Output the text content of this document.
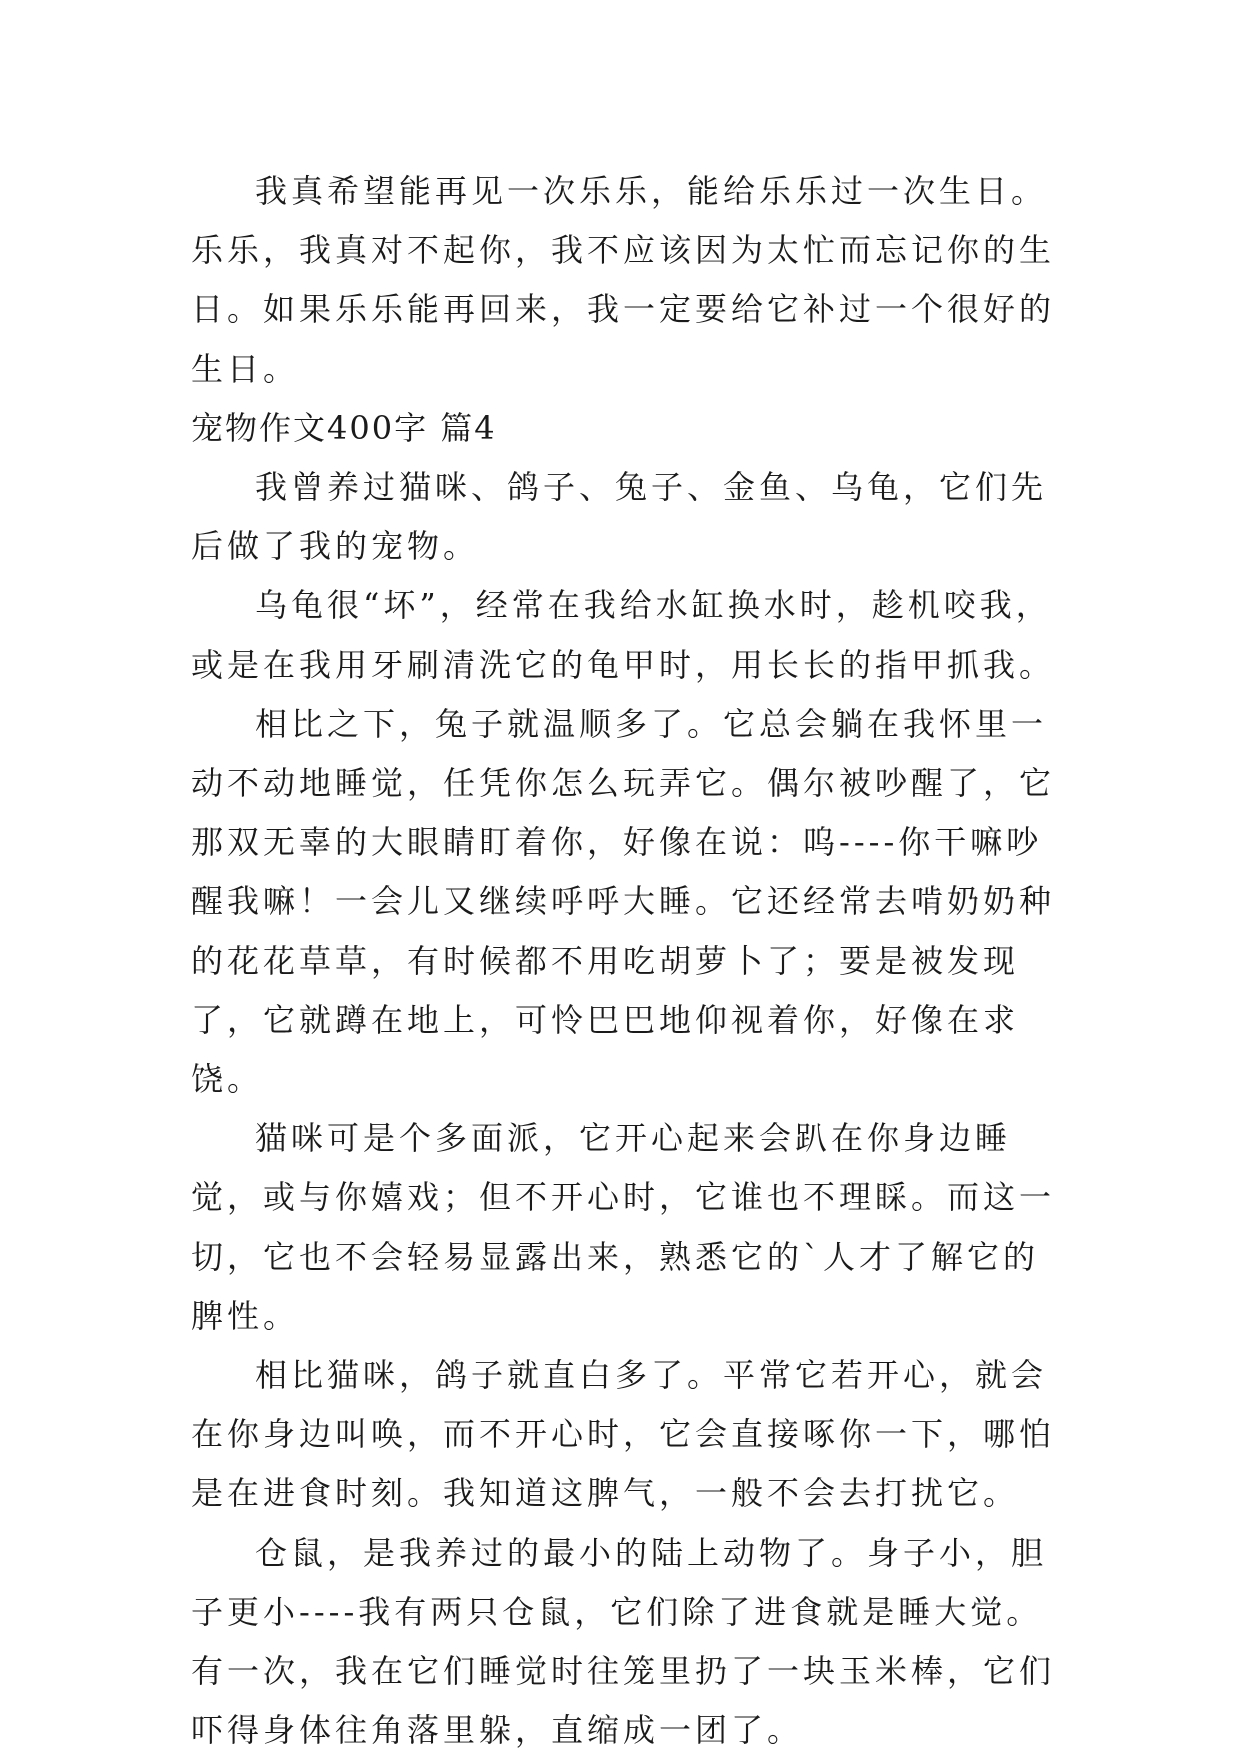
我真希望能再见一次乐乐，能给乐乐过一次生日。乐乐，我真对不起你，我不应该因为太忙而忘记你的生日。如果乐乐能再回来，我一定要给它补过一个很好的生日。

宠物作文400字 篇4

我曾养过猫咪、鸽子、兔子、金鱼、乌龟，它们先后做了我的宠物。

乌龟很“坏”，经常在我给水缸换水时，趁机咬我，或是在我用牙刷清洗它的龟甲时，用长长的指甲抓我。

相比之下，兔子就温顺多了。它总会躺在我怀里一动不动地睡觉，任凭你怎么玩弄它。偶尔被吵醒了，它那双无辜的大眼睛盯着你，好像在说：呜----你干嘛吵醒我嘛！一会儿又继续呼呼大睡。它还经常去啃奶奶种的花花草草，有时候都不用吃胡萝卜了；要是被发现了，它就蹲在地上，可怜巴巴地仰视着你，好像在求饶。

猫咪可是个多面派，它开心起来会趴在你身边睡觉，或与你嬉戏；但不开心时，它谁也不理睬。而这一切，它也不会轻易显露出来，熟悉它的`人才了解它的脾性。

相比猫咪，鸽子就直白多了。平常它若开心，就会在你身边叫唤，而不开心时，它会直接啄你一下，哪怕是在进食时刻。我知道这脾气，一般不会去打扰它。

仓鼠，是我养过的最小的陆上动物了。身子小，胆子更小----我有两只仓鼠，它们除了进食就是睡大觉。有一次，我在它们睡觉时往笼里扔了一块玉米棒，它们吓得身体往角落里躲，直缩成一团了。
